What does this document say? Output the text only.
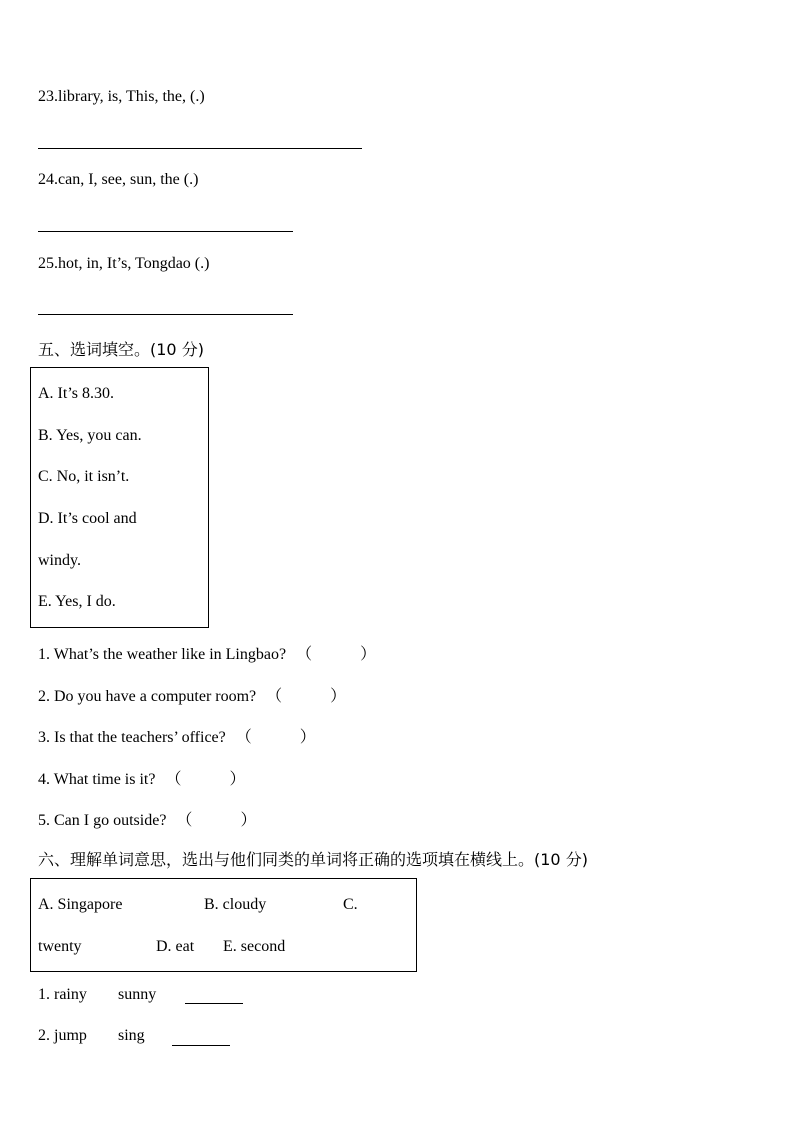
23.library, is, This, the, (.)
24.can, I, see, sun, the (.)
25.hot, in, It’s, Tongdao (.)
五、选词填空。(10 分)
A. It’s 8.30.
B. Yes, you can.
C. No, it isn’t.
D. It’s cool and
windy.
E. Yes, I do.
1. What’s the weather like in Lingbao? （	）
2. Do you have a computer room? （	）
3. Is that the teachers’ office? （	）
4. What time is it? （	）
5. Can I go outside? （	）
六、理解单词意思，选出与他们同类的单词将正确的选项填在横线上。(10 分)
A. Singapore	B. cloudy	C.
twenty	D. eat E. second
1. rainy sunny
2. jump sing
